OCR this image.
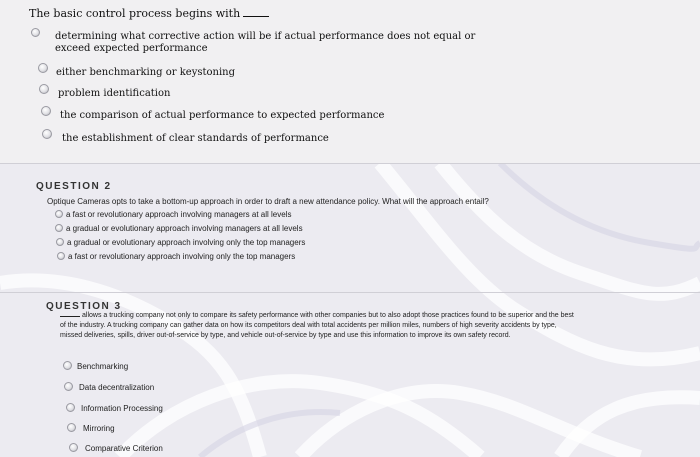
The basic control process begins with
determining what corrective action will be if actual performance does not equal or
exceed expected performance
either benchmarking or keystoning
problem identification
the comparison of actual performance to expected performance
the establishment of clear standards of performance
QUESTION 2
Optique Cameras opts to take a bottom-up approach in order to draft a new attendance policy. What will the approach entail?
a fast or revolutionary approach involving managers at all levels
a gradual or evolutionary approach involving managers at all levels
a gradual or evolutionary approach involving only the top managers
a fast or revolutionary approach involving only the top managers
QUESTION 3
allows a trucking company not only to compare its safety performance with other companies but to also adopt those practices found to be superior and the best
of the industry. A trucking company can gather data on how its competitors deal with total accidents per million miles, numbers of high severity accidents by type,
missed deliveries, spills, driver out-of-service by type, and vehicle out-of-service by type and use this information to improve its own safety record.
Benchmarking
Data decentralization
Information Processing
Mirroring
Comparative Criterion
